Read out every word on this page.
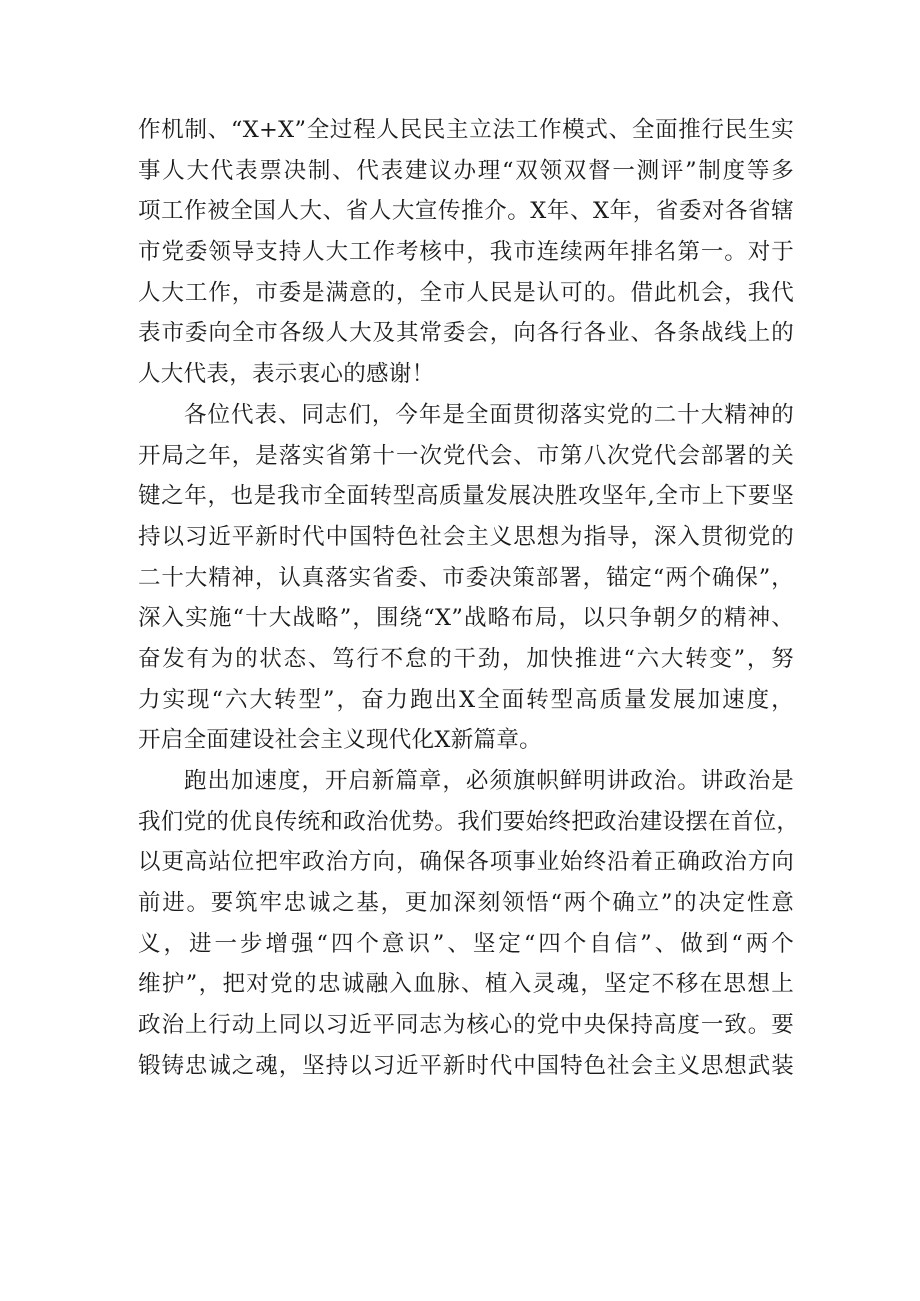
作机制、“X+X”全过程人民民主立法工作模式、全面推行民生实
事人大代表票决制、代表建议办理“双领双督一测评”制度等多
项工作被全国人大、省人大宣传推介。X年、X年，省委对各省辖
市党委领导支持人大工作考核中，我市连续两年排名第一。对于
人大工作，市委是满意的，全市人民是认可的。借此机会，我代
表市委向全市各级人大及其常委会，向各行各业、各条战线上的
人大代表，表示衷心的感谢！
各位代表、同志们，今年是全面贯彻落实党的二十大精神的
开局之年，是落实省第十一次党代会、市第八次党代会部署的关
键之年，也是我市全面转型高质量发展决胜攻坚年,全市上下要坚
持以习近平新时代中国特色社会主义思想为指导，深入贯彻党的
二十大精神，认真落实省委、市委决策部署，锚定“两个确保”，
深入实施“十大战略”，围绕“X”战略布局，以只争朝夕的精神、
奋发有为的状态、笃行不怠的干劲，加快推进“六大转变”，努
力实现“六大转型”，奋力跑出X全面转型高质量发展加速度，
开启全面建设社会主义现代化X新篇章。
跑出加速度，开启新篇章，必须旗帜鲜明讲政治。讲政治是
我们党的优良传统和政治优势。我们要始终把政治建设摆在首位，
以更高站位把牢政治方向，确保各项事业始终沿着正确政治方向
前进。要筑牢忠诚之基，更加深刻领悟“两个确立”的决定性意
义，进一步增强“四个意识”、坚定“四个自信”、做到“两个
维护”，把对党的忠诚融入血脉、植入灵魂，坚定不移在思想上
政治上行动上同以习近平同志为核心的党中央保持高度一致。要
锻铸忠诚之魂，坚持以习近平新时代中国特色社会主义思想武装
